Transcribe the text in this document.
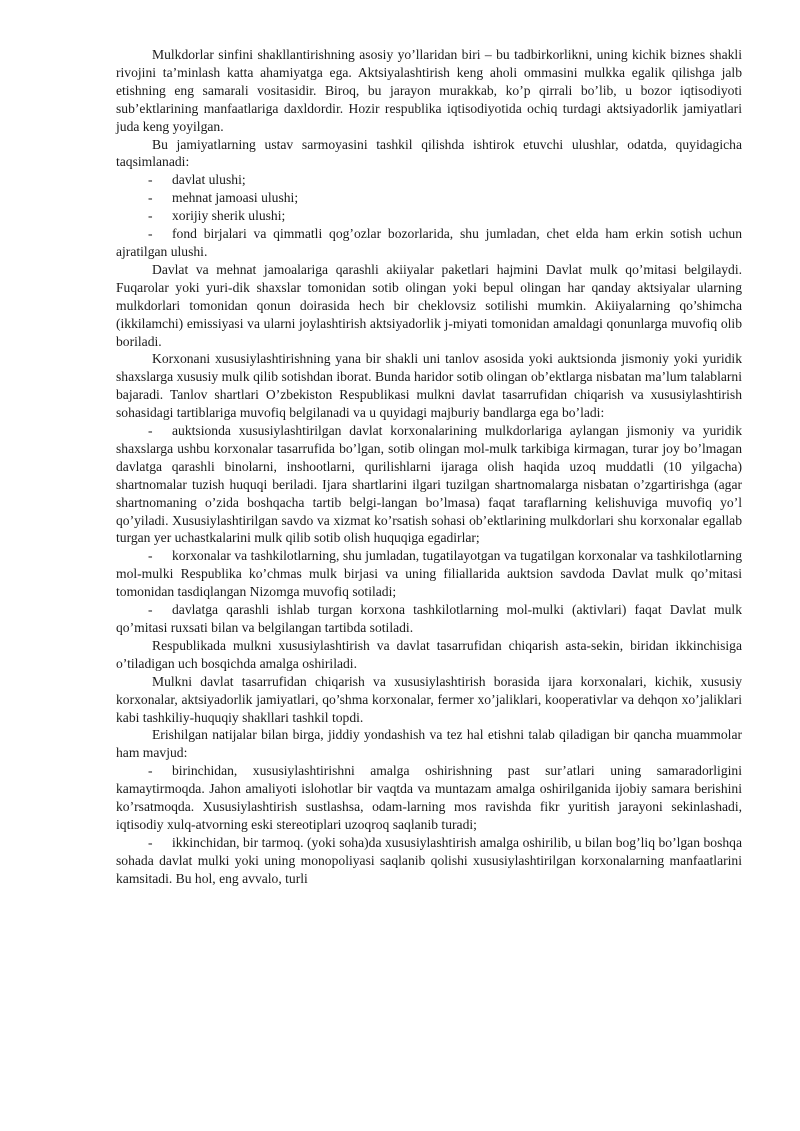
Mulkdorlar sinfini shakllantirishning asosiy yo’llaridan biri – bu tadbirkorlikni, uning kichik biznes shakli rivojini ta’minlash katta ahamiyatga ega. Aktsiyalashtirish keng aholi ommasini mulkka egalik qilishga jalb etishning eng samarali vositasidir. Biroq, bu jarayon murakkab, ko’p qirrali bo’lib, u bozor iqtisodiyoti sub’ektlarining manfaatlariga daxldordir. Hozir respublika iqtisodiyotida ochiq turdagi aktsiyadorlik jamiyatlari juda keng yoyilgan.

Bu jamiyatlarning ustav sarmoyasini tashkil qilishda ishtirok etuvchi ulushlar, odatda, quyidagicha taqsimlanadi:

- davlat ulushi;

- mehnat jamoasi ulushi;

- xorijiy sherik ulushi;

- fond birjalari va qimmatli qog’ozlar bozorlarida, shu jumladan, chet elda ham erkin sotish uchun ajratilgan ulushi.

Davlat va mehnat jamoalariga qarashli akiiyalar paketlari hajmini Davlat mulk qo’mitasi belgilaydi. Fuqarolar yoki yuri-dik shaxslar tomonidan sotib olingan yoki bepul olingan har qanday aktsiyalar ularning mulkdorlari tomonidan qonun doirasida hech bir cheklovsiz sotilishi mumkin. Akiiyalarning qo’shimcha (ikkilamchi) emissiyasi va ularni joylashtirish aktsiyadorlik j-miyati tomonidan amaldagi qonunlarga muvofiq olib boriladi.

Korxonani xususiylashtirishning yana bir shakli uni tanlov asosida yoki auktsionda jismoniy yoki yuridik shaxslarga xususiy mulk qilib sotishdan iborat. Bunda haridor sotib olingan ob’ektlarga nisbatan ma’lum talablarni bajaradi. Tanlov shartlari O’zbekiston Respublikasi mulkni davlat tasarrufidan chiqarish va xususiylashtirish sohasidagi tartiblariga muvofiq belgilanadi va u quyidagi majburiy bandlarga ega bo’ladi:

- auktsionda xususiylashtirilgan davlat korxonalarining mulkdorlariga aylangan jismoniy va yuridik shaxslarga ushbu korxonalar tasarrufida bo’lgan, sotib olingan mol-mulk tarkibiga kirmagan, turar joy bo’lmagan davlatga qarashli binolarni, inshootlarni, qurilishlarni ijaraga olish haqida uzoq muddatli (10 yilgacha) shartnomalar tuzish huquqi beriladi. Ijara shartlarini ilgari tuzilgan shartnomalarga nisbatan o’zgartirishga (agar shartnomaning o’zida boshqacha tartib belgi-langan bo’lmasa) faqat taraflarning kelishuviga muvofiq yo’l qo’yiladi. Xususiylashtirilgan savdo va xizmat ko’rsatish sohasi ob’ektlarining mulkdorlari shu korxonalar egallab turgan yer uchastkalarini mulk qilib sotib olish huquqiga egadirlar;

- korxonalar va tashkilotlarning, shu jumladan, tugatilayotgan va tugatilgan korxonalar va tashkilotlarning mol-mulki Respublika ko’chmas mulk birjasi va uning filiallarida auktsion savdoda Davlat mulk qo’mitasi tomonidan tasdiqlangan Nizomga muvofiq sotiladi;

- davlatga qarashli ishlab turgan korxona tashkilotlarning mol-mulki (aktivlari) faqat Davlat mulk qo’mitasi ruxsati bilan va belgilangan tartibda sotiladi.

Respublikada mulkni xususiylashtirish va davlat tasarrufidan chiqarish asta-sekin, biridan ikkinchisiga o’tiladigan uch bosqichda amalga oshiriladi.

Mulkni davlat tasarrufidan chiqarish va xususiylashtirish borasida ijara korxonalari, kichik, xususiy korxonalar, aktsiyadorlik jamiyatlari, qo’shma korxonalar, fermer xo’jaliklari, kooperativlar va dehqon xo’jaliklari kabi tashkiliy-huquqiy shakllari tashkil topdi.

Erishilgan natijalar bilan birga, jiddiy yondashish va tez hal etishni talab qiladigan bir qancha muammolar ham mavjud:

- birinchidan, xususiylashtirishni amalga oshirishning past sur’atlari uning samaradorligini kamaytirmoqda. Jahon amaliyoti islohotlar bir vaqtda va muntazam amalga oshirilganida ijobiy samara berishini ko’rsatmoqda. Xususiylashtirish sustlashsa, odam-larning mos ravishda fikr yuritish jarayoni sekinlashadi, iqtisodiy xulq-atvorning eski stereotiplari uzoqroq saqlanib turadi;

- ikkinchidan, bir tarmoq. (yoki soha)da xususiylashtirish amalga oshirilib, u bilan bog’liq bo’lgan boshqa sohada davlat mulki yoki uning monopoliyasi saqlanib qolishi xususiylashtirilgan korxonalarning manfaatlarini kamsitadi. Bu hol, eng avvalo, turli
